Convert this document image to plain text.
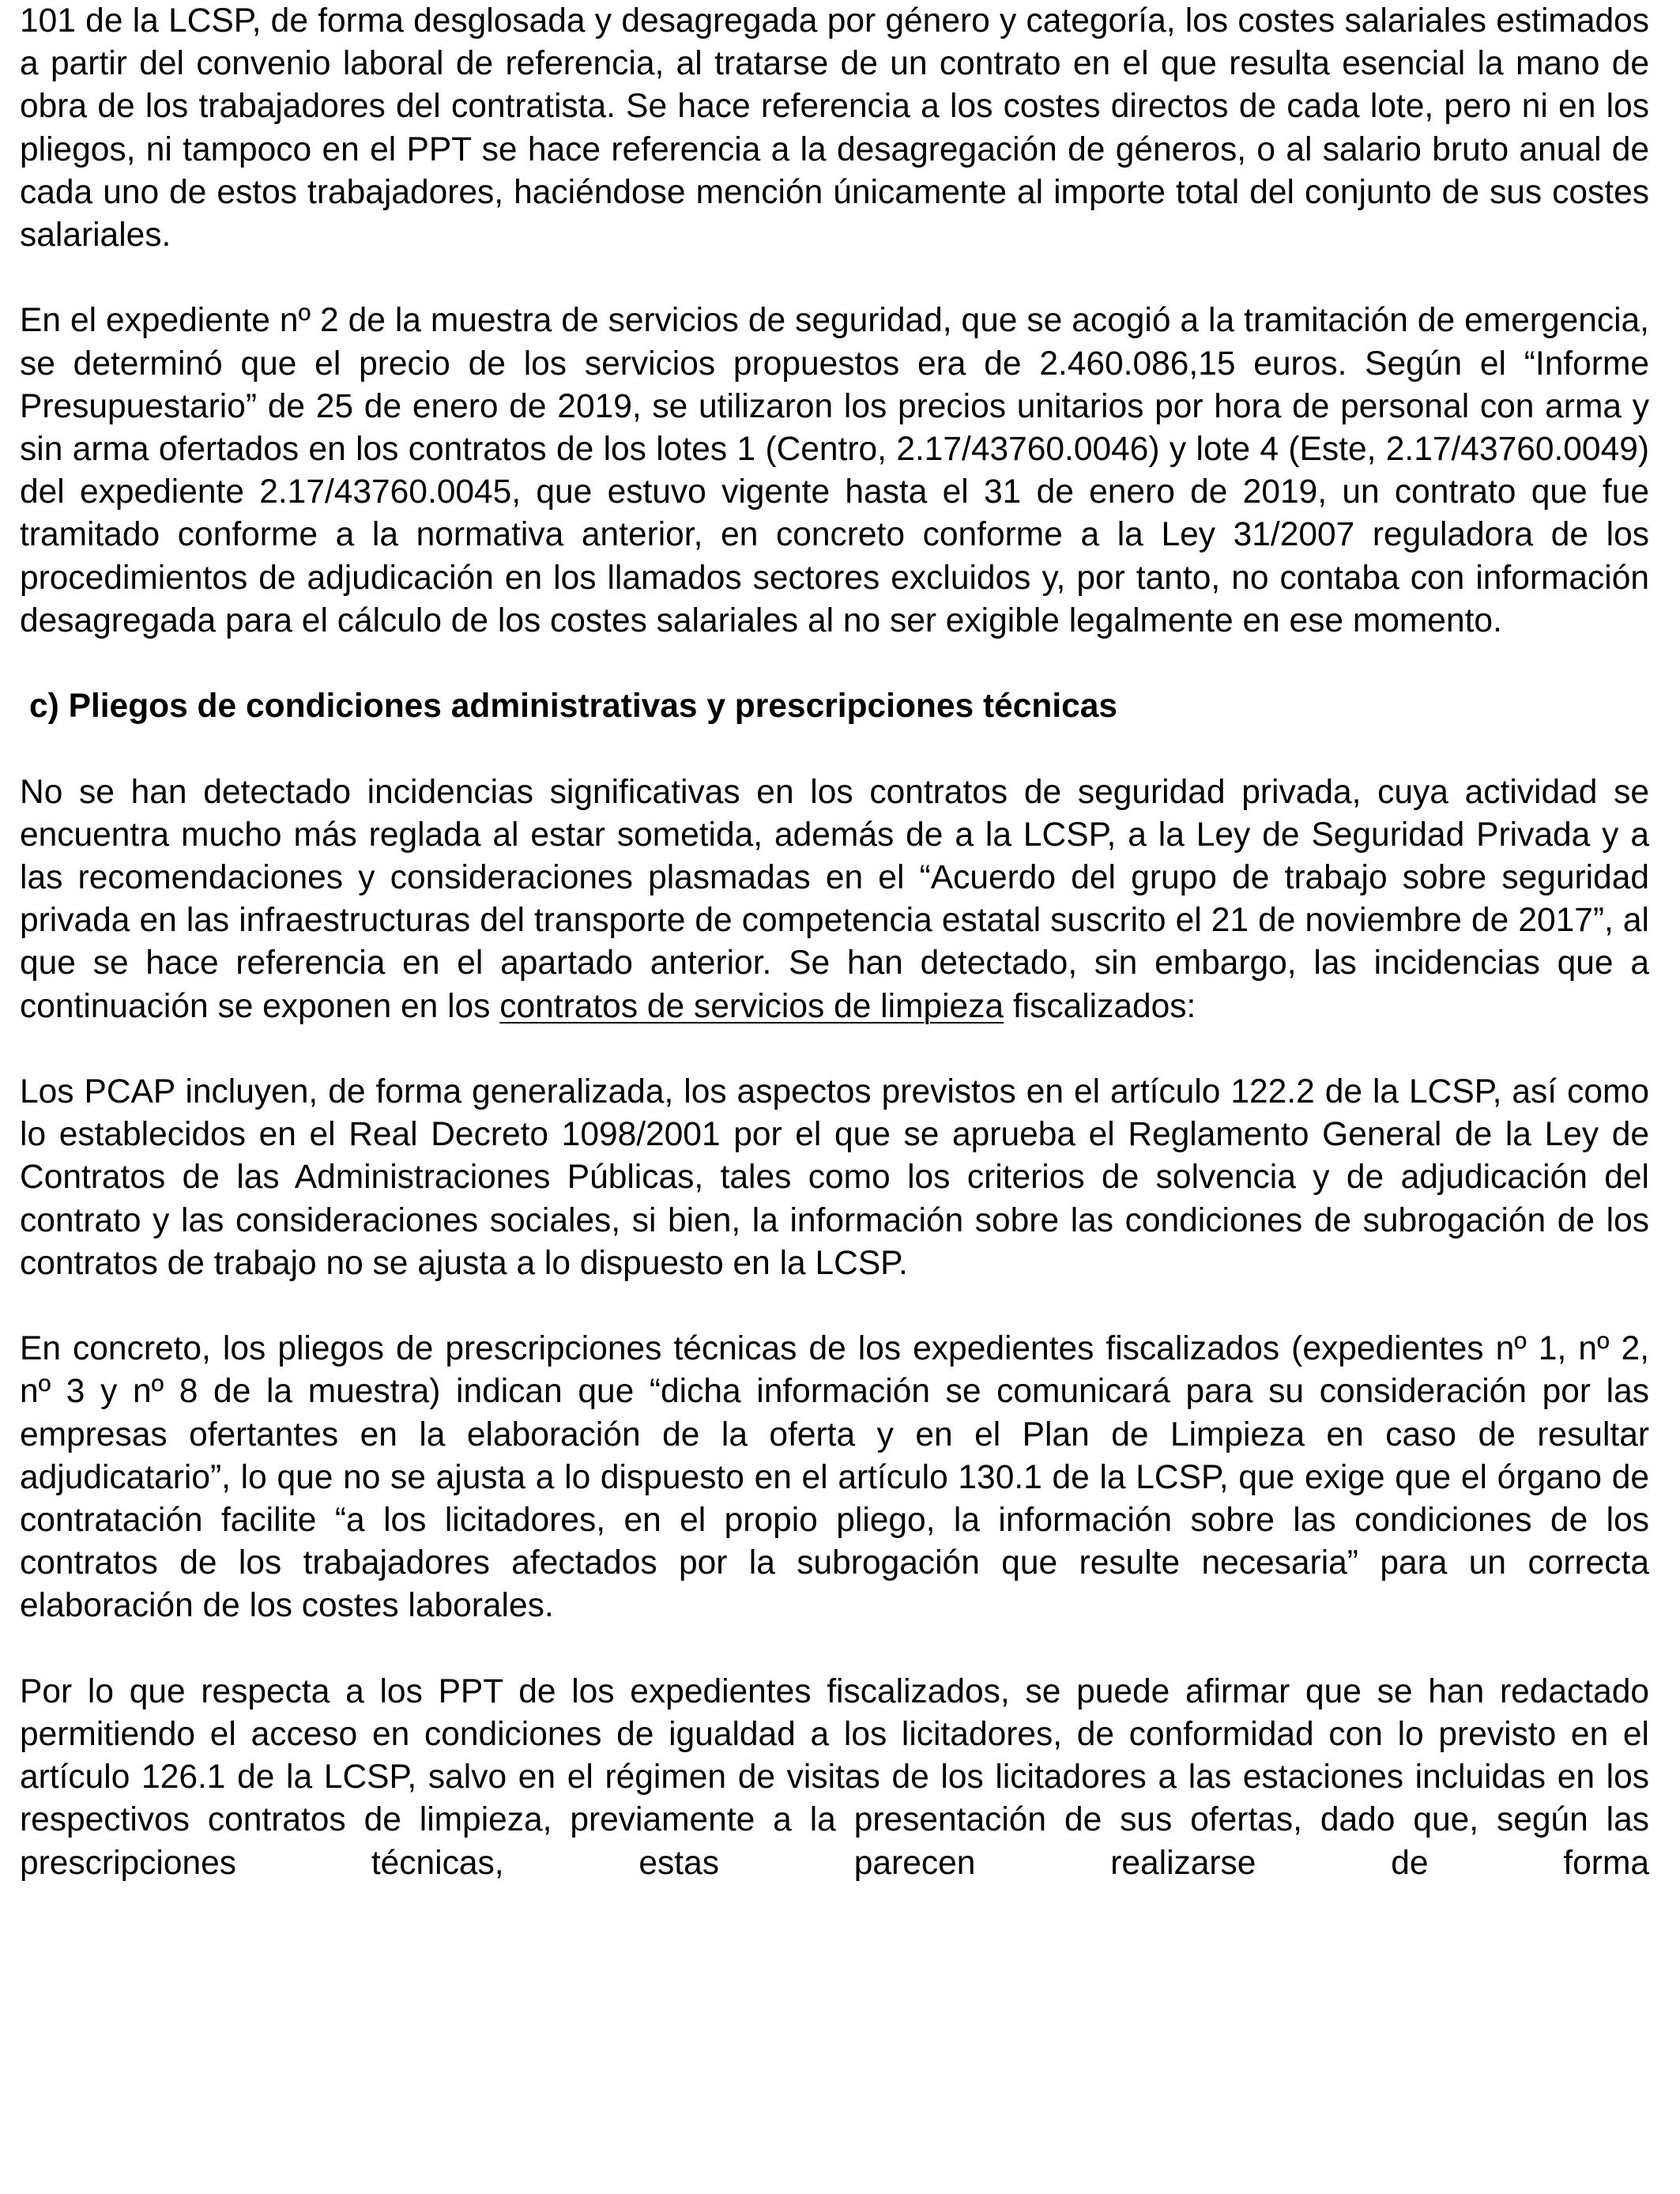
101 de la LCSP, de forma desglosada y desagregada por género y categoría, los costes salariales estimados a partir del convenio laboral de referencia, al tratarse de un contrato en el que resulta esencial la mano de obra de los trabajadores del contratista. Se hace referencia a los costes directos de cada lote, pero ni en los pliegos, ni tampoco en el PPT se hace referencia a la desagregación de géneros, o al salario bruto anual de cada uno de estos trabajadores, haciéndose mención únicamente al importe total del conjunto de sus costes salariales.

En el expediente nº 2 de la muestra de servicios de seguridad, que se acogió a la tramitación de emergencia, se determinó que el precio de los servicios propuestos era de 2.460.086,15 euros. Según el “Informe Presupuestario” de 25 de enero de 2019, se utilizaron los precios unitarios por hora de personal con arma y sin arma ofertados en los contratos de los lotes 1 (Centro, 2.17/43760.0046) y lote 4 (Este, 2.17/43760.0049) del expediente 2.17/43760.0045, que estuvo vigente hasta el 31 de enero de 2019, un contrato que fue tramitado conforme a la normativa anterior, en concreto conforme a la Ley 31/2007 reguladora de los procedimientos de adjudicación en los llamados sectores excluidos y, por tanto, no contaba con información desagregada para el cálculo de los costes salariales al no ser exigible legalmente en ese momento.

c) Pliegos de condiciones administrativas y prescripciones técnicas

No se han detectado incidencias significativas en los contratos de seguridad privada, cuya actividad se encuentra mucho más reglada al estar sometida, además de a la LCSP, a la Ley de Seguridad Privada y a las recomendaciones y consideraciones plasmadas en el “Acuerdo del grupo de trabajo sobre seguridad privada en las infraestructuras del transporte de competencia estatal suscrito el 21 de noviembre de 2017”, al que se hace referencia en el apartado anterior. Se han detectado, sin embargo, las incidencias que a continuación se exponen en los contratos de servicios de limpieza fiscalizados:

Los PCAP incluyen, de forma generalizada, los aspectos previstos en el artículo 122.2 de la LCSP, así como lo establecidos en el Real Decreto 1098/2001 por el que se aprueba el Reglamento General de la Ley de Contratos de las Administraciones Públicas, tales como los criterios de solvencia y de adjudicación del contrato y las consideraciones sociales, si bien, la información sobre las condiciones de subrogación de los contratos de trabajo no se ajusta a lo dispuesto en la LCSP.

En concreto, los pliegos de prescripciones técnicas de los expedientes fiscalizados (expedientes nº 1, nº 2, nº 3 y nº 8 de la muestra) indican que “dicha información se comunicará para su consideración por las empresas ofertantes en la elaboración de la oferta y en el Plan de Limpieza en caso de resultar adjudicatario”, lo que no se ajusta a lo dispuesto en el artículo 130.1 de la LCSP, que exige que el órgano de contratación facilite “a los licitadores, en el propio pliego, la información sobre las condiciones de los contratos de los trabajadores afectados por la subrogación que resulte necesaria” para un correcta elaboración de los costes laborales.

Por lo que respecta a los PPT de los expedientes fiscalizados, se puede afirmar que se han redactado permitiendo el acceso en condiciones de igualdad a los licitadores, de conformidad con lo previsto en el artículo 126.1 de la LCSP, salvo en el régimen de visitas de los licitadores a las estaciones incluidas en los respectivos contratos de limpieza, previamente a la presentación de sus ofertas, dado que, según las prescripciones técnicas, estas parecen realizarse de forma
